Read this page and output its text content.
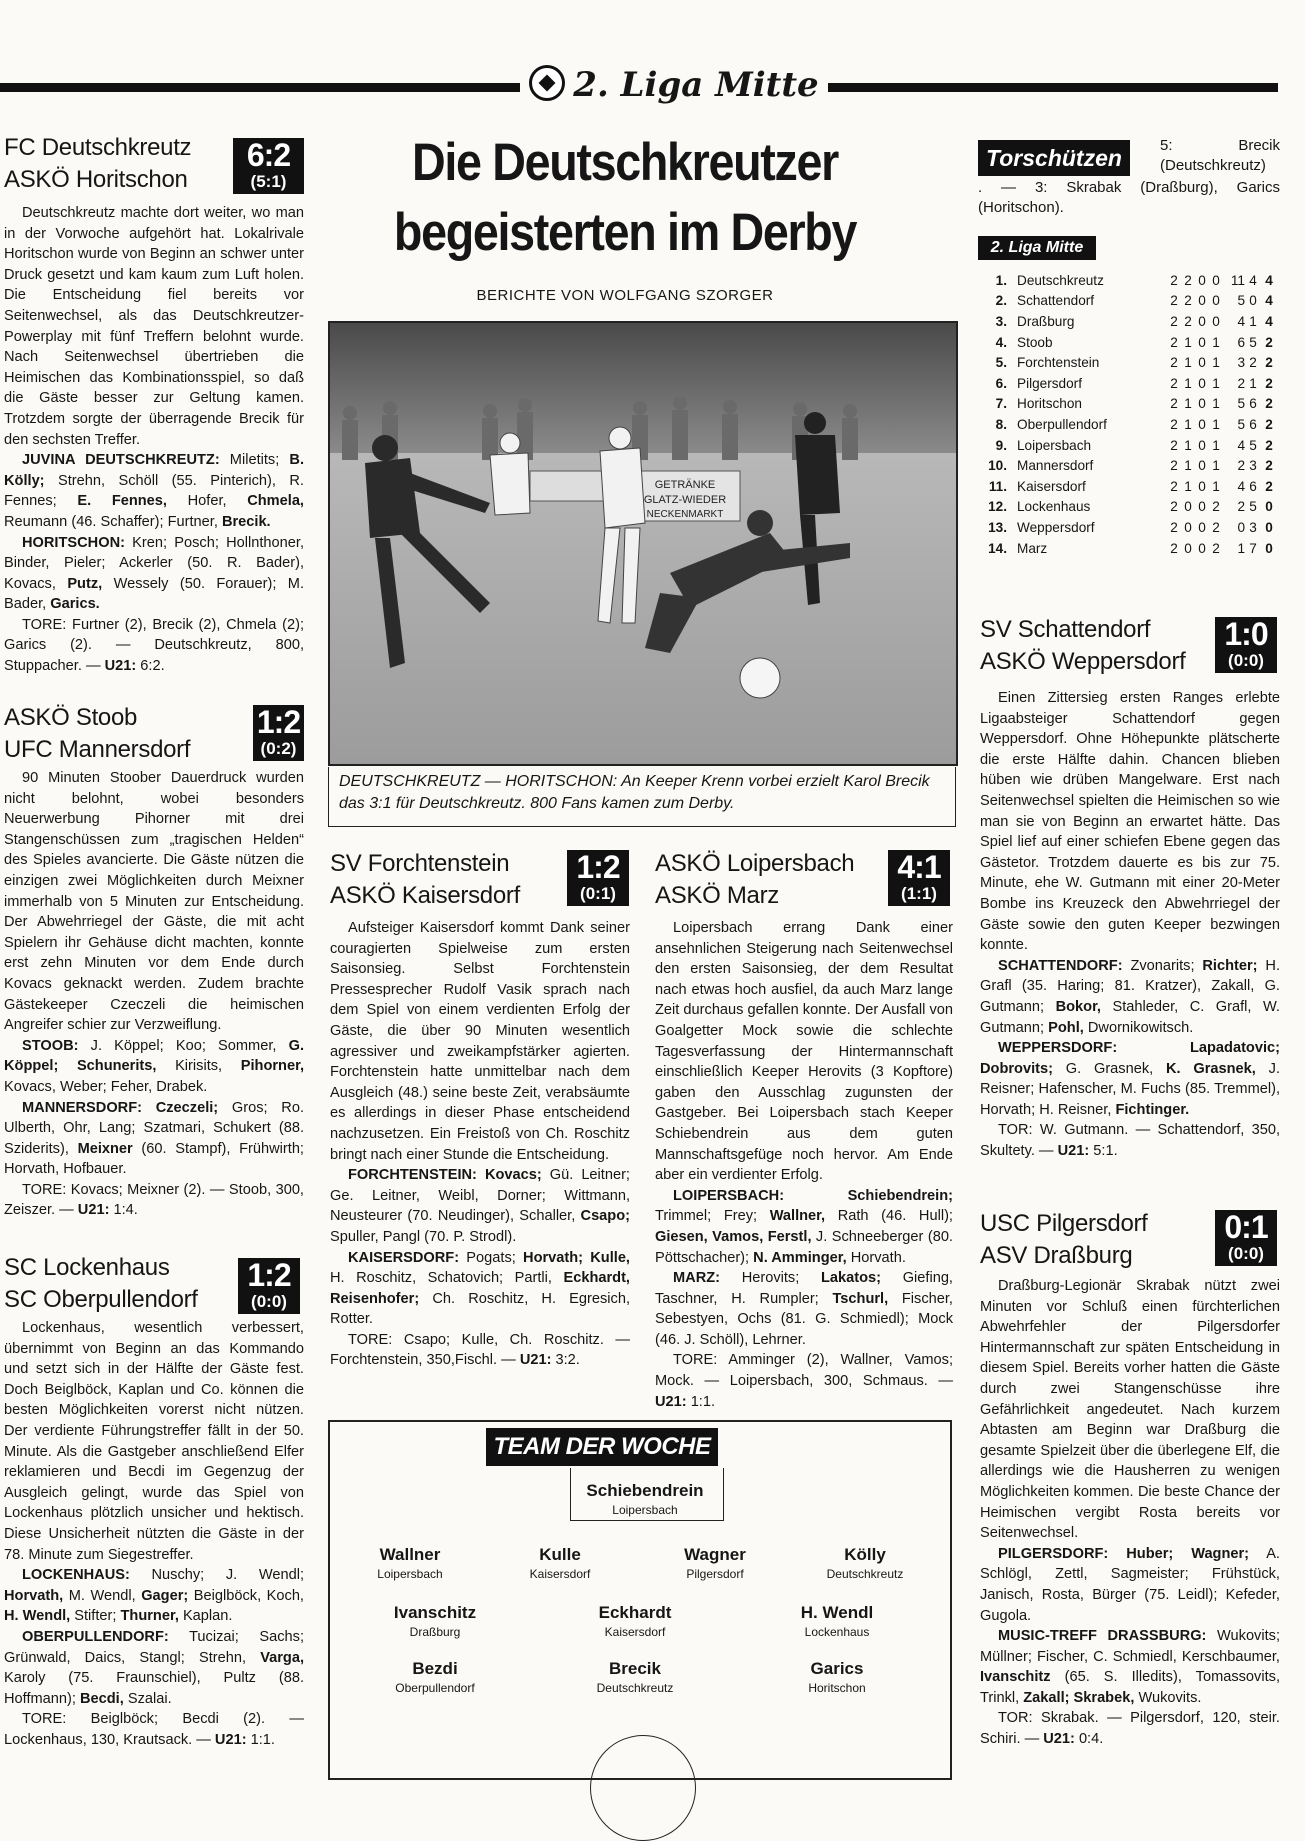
2. Liga Mitte
FC Deutschkreutz
ASKÖ Horitschon
6:2
(5:1)

Deutschkreutz machte dort weiter, wo man in der Vorwoche aufgehört hat. Lokalrivale Horitschon wurde von Beginn an schwer unter Druck gesetzt und kam kaum zum Luft holen. Die Entscheidung fiel bereits vor Seitenwechsel, als das Deutschkreutzer-Powerplay mit fünf Treffern belohnt wurde. Nach Seitenwechsel übertrieben die Heimischen das Kombinationsspiel, so daß die Gäste besser zur Geltung kamen. Trotzdem sorgte der überragende Brecik für den sechsten Treffer.

JUVINA DEUTSCHKREUTZ: Miletits; B. Kölly; Strehn, Schöll (55. Pinterich), R. Fennes; E. Fennes, Hofer, Chmela, Reumann (46. Schaffer); Furtner, Brecik.

HORITSCHON: Kren; Posch; Hollnthoner, Binder, Pieler; Ackerler (50. R. Bader), Kovacs, Putz, Wessely (50. Forauer); M. Bader, Garics.

TORE: Furtner (2), Brecik (2), Chmela (2); Garics (2). — Deutschkreutz, 800, Stuppacher. — U21: 6:2.

ASKÖ Stoob
UFC Mannersdorf
1:2
(0:2)

90 Minuten Stoober Dauerdruck wurden nicht belohnt, wobei besonders Neuerwerbung Pihorner mit drei Stangenschüssen zum „tragischen Helden“ des Spieles avancierte. Die Gäste nützen die einzigen zwei Möglichkeiten durch Meixner immerhalb von 5 Minuten zur Entscheidung. Der Abwehrriegel der Gäste, die mit acht Spielern ihr Gehäuse dicht machten, konnte erst zehn Minuten vor dem Ende durch Kovacs geknackt werden. Zudem brachte Gästekeeper Czeczeli die heimischen Angreifer schier zur Verzweiflung.

STOOB: J. Köppel; Koo; Sommer, G. Köppel; Schunerits, Kirisits, Pihorner, Kovacs, Weber; Feher, Drabek.

MANNERSDORF: Czeczeli; Gros; Ro. Ulberth, Ohr, Lang; Szatmari, Schukert (88. Sziderits), Meixner (60. Stampf), Frühwirth; Horvath, Hofbauer.

TORE: Kovacs; Meixner (2). — Stoob, 300, Zeiszer. — U21: 1:4.

SC Lockenhaus
SC Oberpullendorf
1:2
(0:0)

Lockenhaus, wesentlich verbessert, übernimmt von Beginn an das Kommando und setzt sich in der Hälfte der Gäste fest. Doch Beiglböck, Kaplan und Co. können die besten Möglichkeiten vorerst nicht nützen. Der verdiente Führungstreffer fällt in der 50. Minute. Als die Gastgeber anschließend Elfer reklamieren und Becdi im Gegenzug der Ausgleich gelingt, wurde das Spiel von Lockenhaus plötzlich unsicher und hektisch. Diese Unsicherheit nützten die Gäste in der 78. Minute zum Siegestreffer.

LOCKENHAUS: Nuschy; J. Wendl; Horvath, M. Wendl, Gager; Beiglböck, Koch, H. Wendl, Stifter; Thurner, Kaplan.

OBERPULLENDORF: Tucizai; Sachs; Grünwald, Daics, Stangl; Strehn, Varga, Karoly (75. Fraunschiel), Pultz (88. Hoffmann); Becdi, Szalai.

TORE: Beiglböck; Becdi (2). — Lockenhaus, 130, Krautsack. — U21: 1:1.

Die Deutschkreutzer
begeisterten im Derby
BERICHTE VON WOLFGANG SZORGER
GETRÄNKE
GLATZ-WIEDER
NECKENMARKT
DEUTSCHKREUTZ — HORITSCHON: An Keeper Krenn vorbei erzielt Karol Brecik das 3:1 für Deutschkreutz. 800 Fans kamen zum Derby.
SV Forchtenstein
ASKÖ Kaisersdorf
1:2
(0:1)

Aufsteiger Kaisersdorf kommt Dank seiner couragierten Spielweise zum ersten Saisonsieg. Selbst Forchtenstein Pressesprecher Rudolf Vasik sprach nach dem Spiel von einem verdienten Erfolg der Gäste, die über 90 Minuten wesentlich agressiver und zweikampfstärker agierten. Forchtenstein hatte unmittelbar nach dem Ausgleich (48.) seine beste Zeit, verabsäumte es allerdings in dieser Phase entscheidend nachzusetzen. Ein Freistoß von Ch. Roschitz bringt nach einer Stunde die Entscheidung.

FORCHTENSTEIN: Kovacs; Gü. Leitner; Ge. Leitner, Weibl, Dorner; Wittmann, Neusteurer (70. Neudinger), Schaller, Csapo; Spuller, Pangl (70. P. Strodl).

KAISERSDORF: Pogats; Horvath; Kulle, H. Roschitz, Schatovich; Partli, Eckhardt, Reisenhofer; Ch. Roschitz, H. Egresich, Rotter.

TORE: Csapo; Kulle, Ch. Roschitz. — Forchtenstein, 350,Fischl. — U21: 3:2.

ASKÖ Loipersbach
ASKÖ Marz
4:1
(1:1)

Loipersbach errang Dank einer ansehnlichen Steigerung nach Seitenwechsel den ersten Saisonsieg, der dem Resultat nach etwas hoch ausfiel, da auch Marz lange Zeit durchaus gefallen konnte. Der Ausfall von Goalgetter Mock sowie die schlechte Tagesverfassung der Hintermannschaft einschließlich Keeper Herovits (3 Kopftore) gaben den Ausschlag zugunsten der Gastgeber. Bei Loipersbach stach Keeper Schiebendrein aus dem guten Mannschaftsgefüge noch hervor. Am Ende aber ein verdienter Erfolg.

LOIPERSBACH:	Schiebendrein; Trimmel; Frey; Wallner, Rath (46. Hull); Giesen, Vamos, Ferstl, J. Schneeberger (80. Pöttschacher); N. Amminger, Horvath.

MARZ: Herovits; Lakatos; Giefing, Taschner, H. Rumpler; Tschurl, Fischer, Sebestyen, Ochs (81. G. Schmiedl); Mock (46. J. Schöll), Lehrner.

TORE: Amminger (2), Wallner, Vamos; Mock. — Loipersbach, 300, Schmaus. — U21: 1:1.

TEAM DER WOCHE
Schiebendrein
Loipersbach
Wallner
Loipersbach
Kulle
Kaisersdorf
Wagner
Pilgersdorf
Kölly
Deutschkreutz
Ivanschitz
Draßburg
Eckhardt
Kaisersdorf
H. Wendl
Lockenhaus
Bezdi
Oberpullendorf
Brecik
Deutschkreutz
Garics
Horitschon
Torschützen	5: Brecik (Deutschkreutz)
. — 3: Skrabak (Draßburg), Garics (Horitschon).
2. Liga Mitte
1.	Deutschkreutz	2	2	0	0	11	4	4
2.	Schattendorf	2	2	0	0	5	0	4
3.	Draßburg	2	2	0	0	4	1	4
4.	Stoob	2	1	0	1	6	5	2
5.	Forchtenstein	2	1	0	1	3	2	2
6.	Pilgersdorf	2	1	0	1	2	1	2
7.	Horitschon	2	1	0	1	5	6	2
8.	Oberpullendorf	2	1	0	1	5	6	2
9.	Loipersbach	2	1	0	1	4	5	2
10.	Mannersdorf	2	1	0	1	2	3	2
11.	Kaisersdorf	2	1	0	1	4	6	2
12.	Lockenhaus	2	0	0	2	2	5	0
13.	Weppersdorf	2	0	0	2	0	3	0
14.	Marz	2	0	0	2	1	7	0
SV Schattendorf
ASKÖ Weppersdorf
1:0
(0:0)

Einen Zittersieg ersten Ranges erlebte Ligaabsteiger Schattendorf gegen Weppersdorf. Ohne Höhepunkte plätscherte die erste Hälfte dahin. Chancen blieben hüben wie drüben Mangelware. Erst nach Seitenwechsel spielten die Heimischen so wie man sie von Beginn an erwartet hätte. Das Spiel lief auf einer schiefen Ebene gegen das Gästetor. Trotzdem dauerte es bis zur 75. Minute, ehe W. Gutmann mit einer 20-Meter Bombe ins Kreuzeck den Abwehrriegel der Gäste sowie den guten Keeper bezwingen konnte.

SCHATTENDORF: Zvonarits; Richter; H. Grafl (35. Haring; 81. Kratzer), Zakall, G. Gutmann; Bokor, Stahleder, C. Grafl, W. Gutmann; Pohl, Dwornikowitsch.

WEPPERSDORF:	Lapadatovic; Dobrovits; G. Grasnek, K. Grasnek, J. Reisner; Hafenscher, M. Fuchs (85. Tremmel), Horvath; H. Reisner, Fichtinger.

TOR: W. Gutmann. — Schattendorf, 350, Skultety. — U21: 5:1.

USC Pilgersdorf
ASV Draßburg
0:1
(0:0)

Draßburg-Legionär Skrabak nützt zwei Minuten vor Schluß einen fürchterlichen Abwehrfehler der Pilgersdorfer Hintermannschaft zur späten Entscheidung in diesem Spiel. Bereits vorher hatten die Gäste durch zwei Stangenschüsse ihre Gefährlichkeit angedeutet. Nach kurzem Abtasten am Beginn war Draßburg die gesamte Spielzeit über die überlegene Elf, die allerdings wie die Hausherren zu wenigen Möglichkeiten kommen. Die beste Chance der Heimischen vergibt Rosta bereits vor Seitenwechsel.

PILGERSDORF: Huber; Wagner; A. Schlögl, Zettl, Sagmeister; Frühstück, Janisch, Rosta, Bürger (75. Leidl); Kefeder, Gugola.

MUSIC-TREFF DRASSBURG: Wukovits; Müllner; Fischer, C. Schmiedl, Kerschbaumer, Ivanschitz (65. S. Illedits), Tomassovits, Trinkl, Zakall; Skrabek, Wukovits.

TOR: Skrabak. — Pilgersdorf, 120, steir. Schiri. — U21: 0:4.
